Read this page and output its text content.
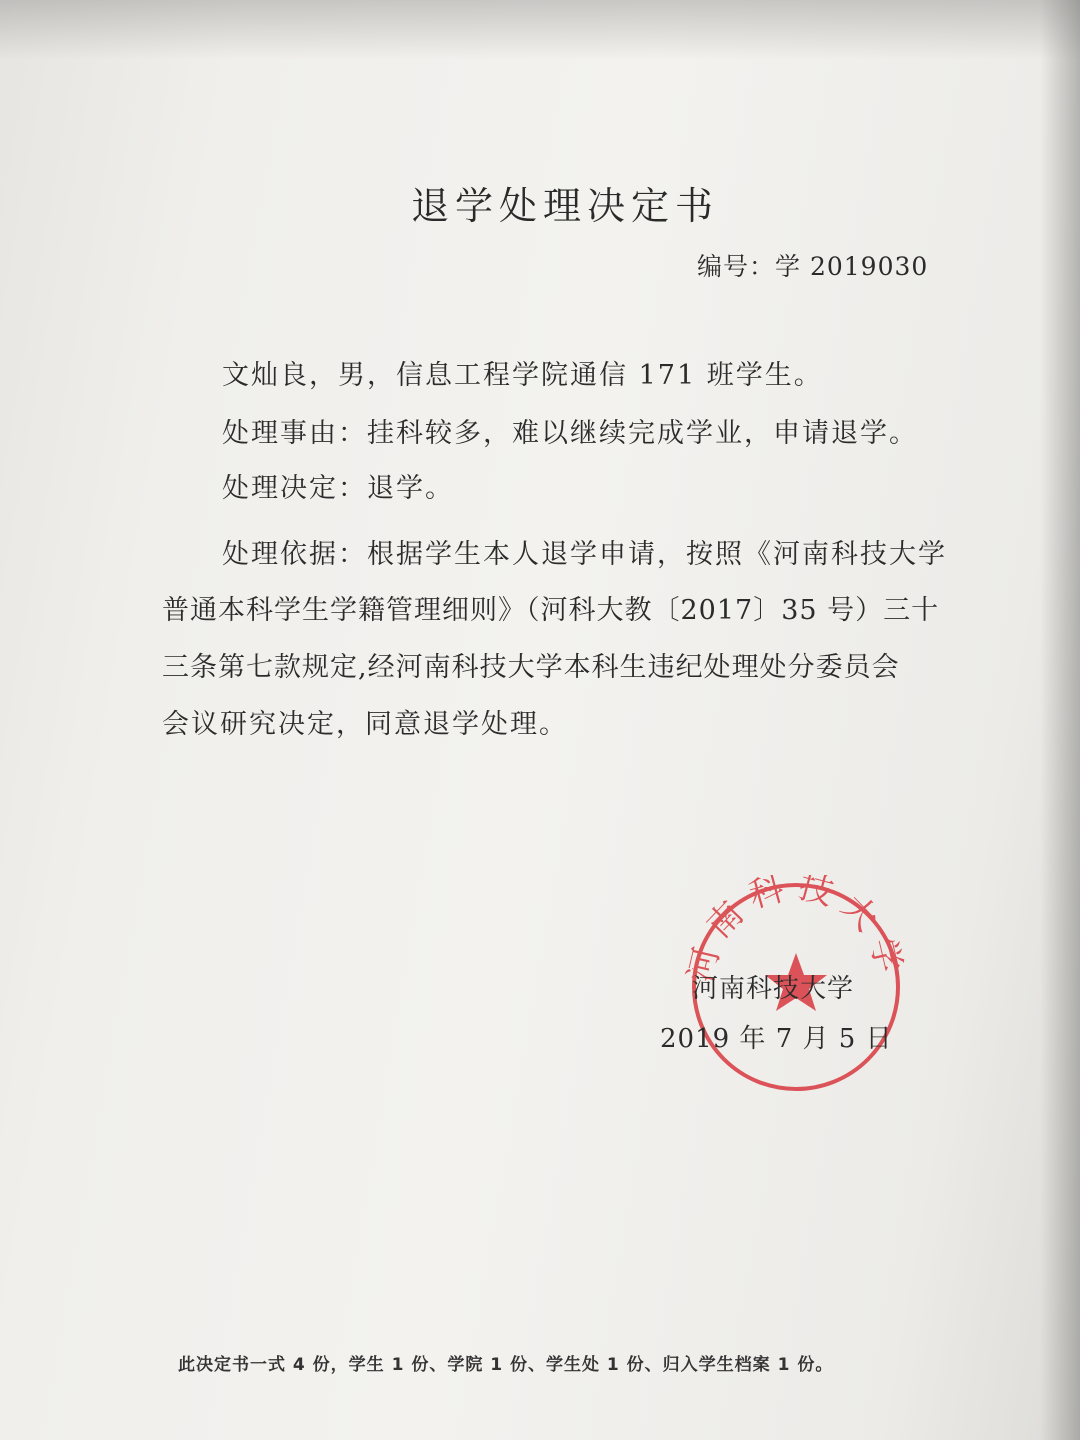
退学处理决定书
编号：学 2019030
文灿良，男，信息工程学院通信 171 班学生。
处理事由：挂科较多，难以继续完成学业，申请退学。
处理决定：退学。
处理依据：根据学生本人退学申请，按照《河南科技大学
普通本科学生学籍管理细则》（河科大教〔2017〕35 号）三十
三条第七款规定,经河南科技大学本科生违纪处理处分委员会
会议研究决定，同意退学处理。
河南科技大学
河南科技大学
2019 年 7 月 5 日
此决定书一式 4 份，学生 1 份、学院 1 份、学生处 1 份、归入学生档案 1 份。
